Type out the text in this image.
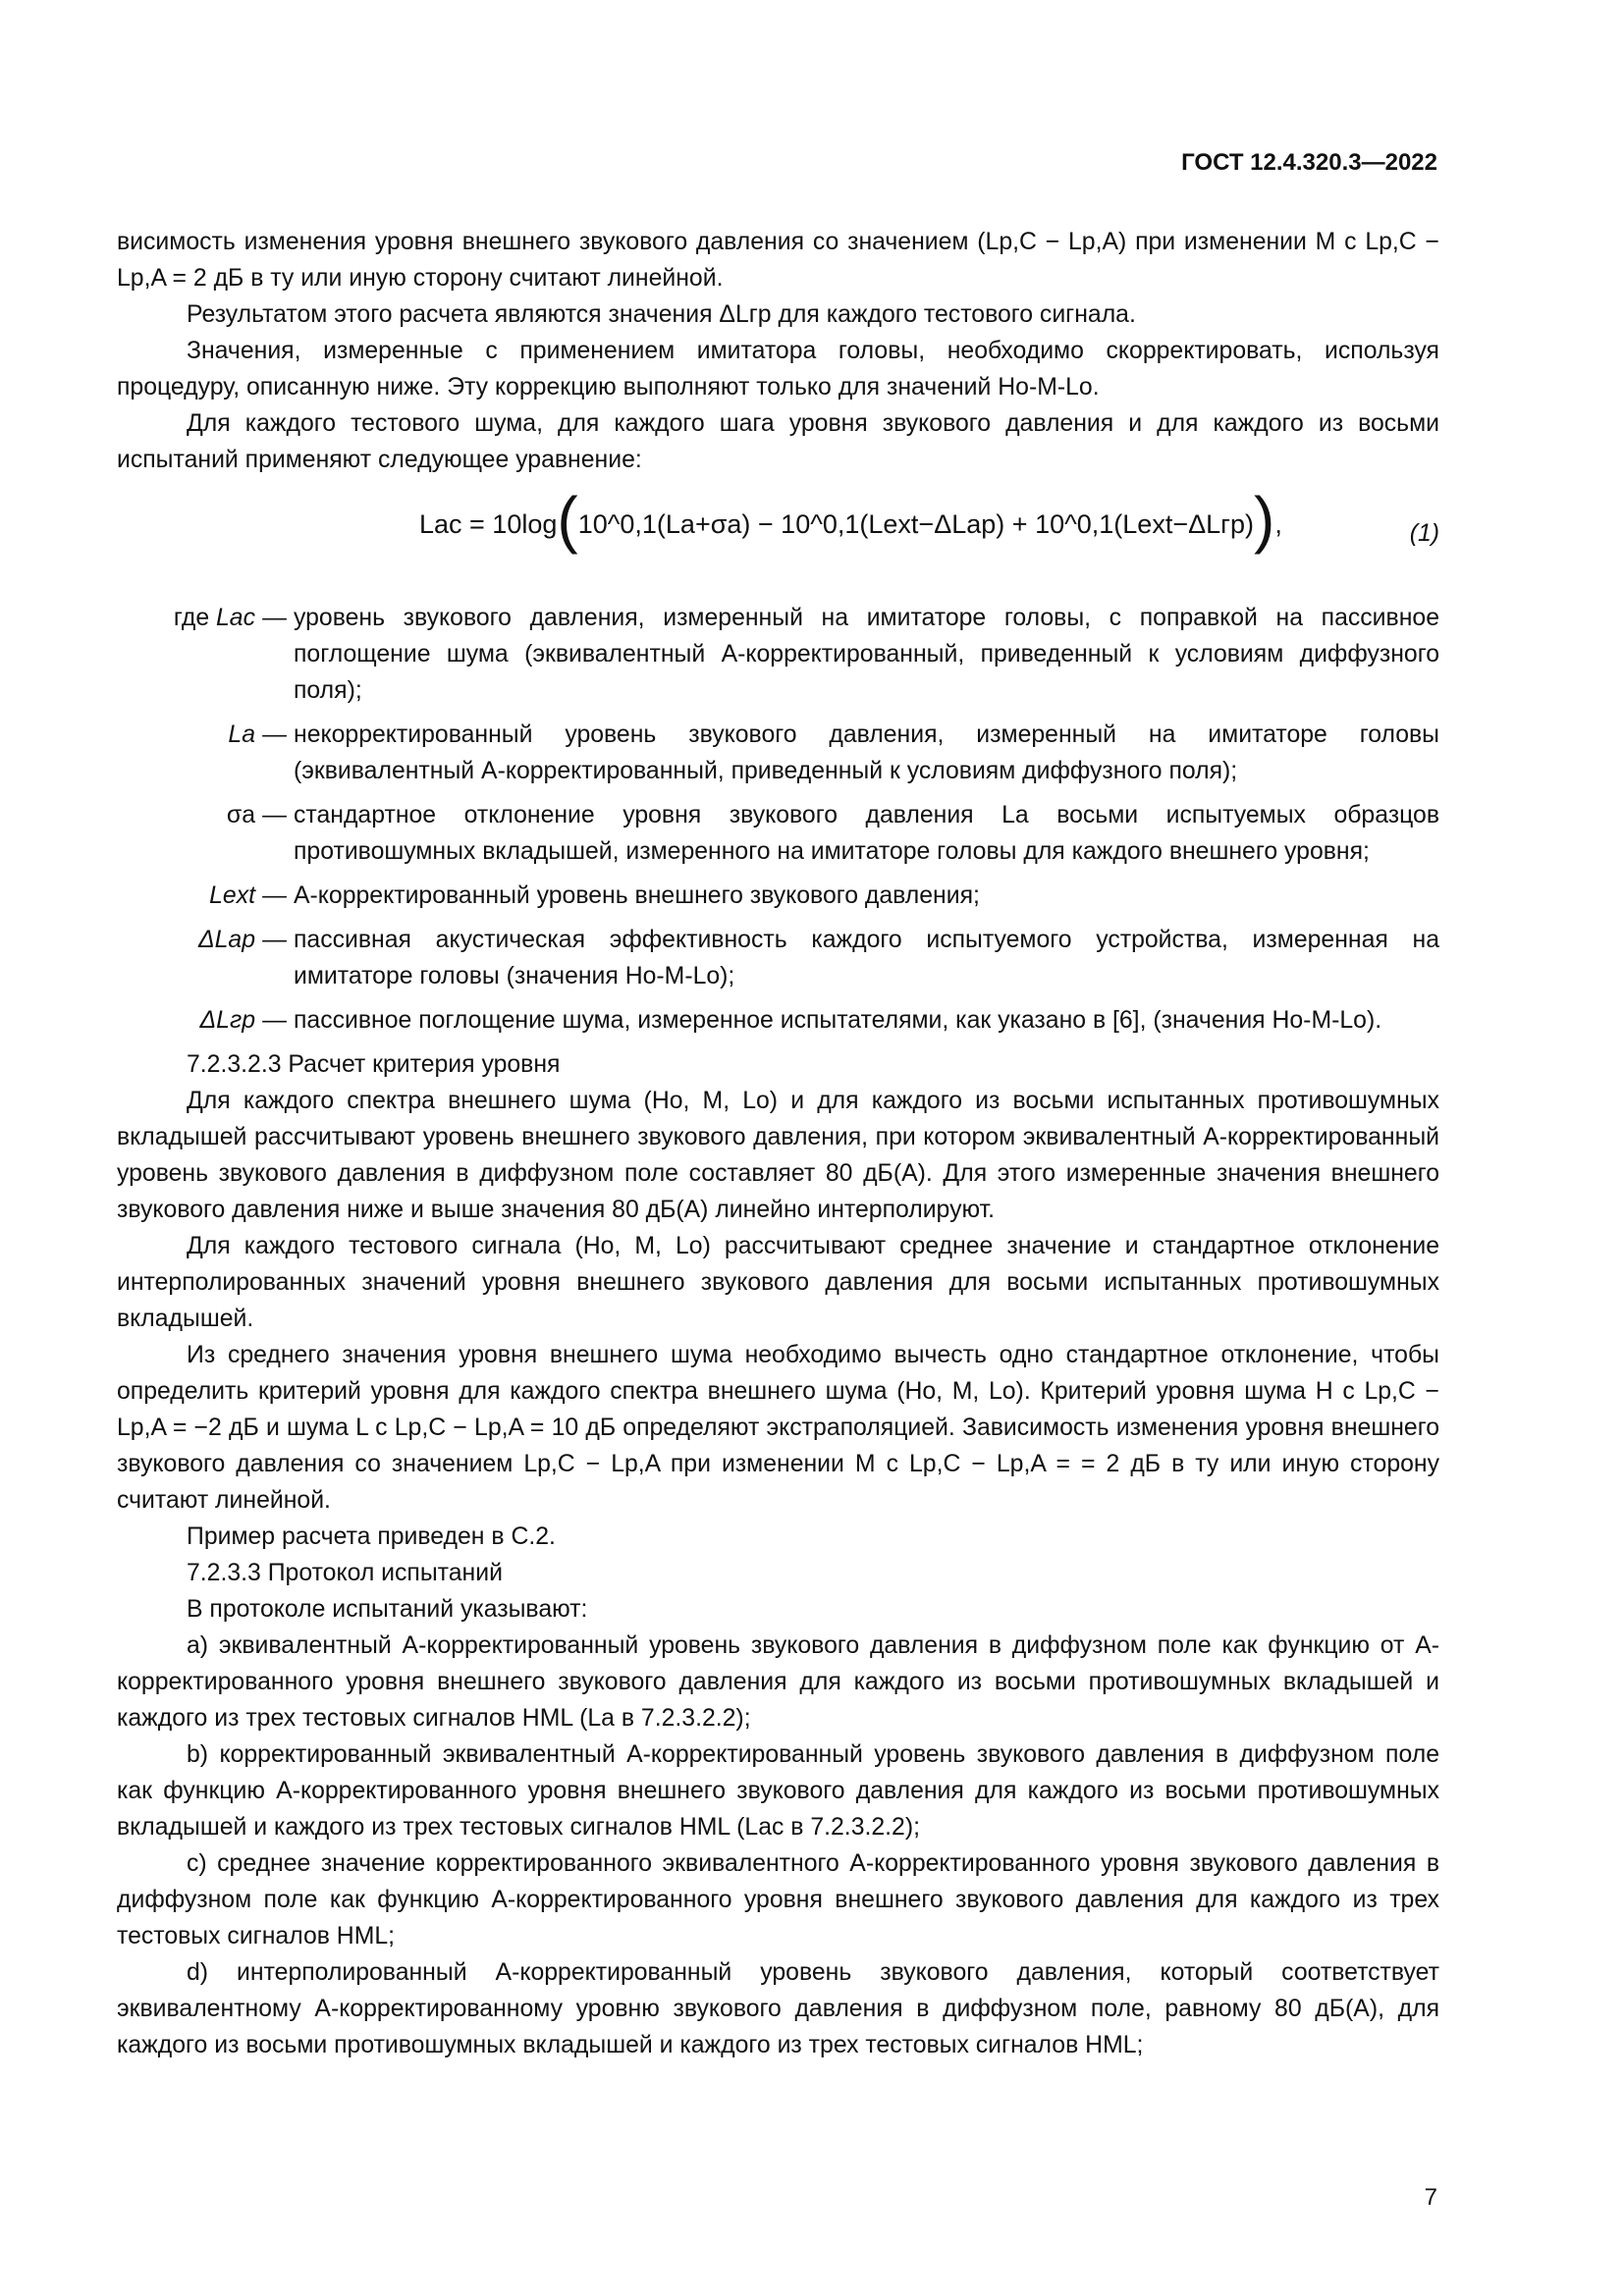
ГОСТ 12.4.320.3—2022

висимость изменения уровня внешнего звукового давления со значением (Lp,C − Lp,A) при изменении М с Lp,C − Lp,A = 2 дБ в ту или иную сторону считают линейной.

Результатом этого расчета являются значения ΔLгр для каждого тестового сигнала.

Значения, измеренные с применением имитатора головы, необходимо скорректировать, используя процедуру, описанную ниже. Эту коррекцию выполняют только для значений Hо-M-Lо.

Для каждого тестового шума, для каждого шага уровня звукового давления и для каждого из восьми испытаний применяют следующее уравнение:

Lac = 10log(10^0,1(La+σa) − 10^0,1(Lext−ΔLap) + 10^0,1(Lext−ΔLгр)),	(1)
где Lac — уровень звукового давления, измеренный на имитаторе головы, с поправкой на пассивное поглощение шума (эквивалентный А-корректированный, приведенный к условиям диффузного поля);
La — некорректированный уровень звукового давления, измеренный на имитаторе головы (эквивалентный А-корректированный, приведенный к условиям диффузного поля);
σa — стандартное отклонение уровня звукового давления La восьми испытуемых образцов противошумных вкладышей, измеренного на имитаторе головы для каждого внешнего уровня;
Lext — А-корректированный уровень внешнего звукового давления;
ΔLap — пассивная акустическая эффективность каждого испытуемого устройства, измеренная на имитаторе головы (значения Hо-M-Lо);
ΔLгр — пассивное поглощение шума, измеренное испытателями, как указано в [6], (значения Hо-M-Lо).

7.2.3.2.3 Расчет критерия уровня

Для каждого спектра внешнего шума (Hо, M, Lо) и для каждого из восьми испытанных противошумных вкладышей рассчитывают уровень внешнего звукового давления, при котором эквивалентный А-корректированный уровень звукового давления в диффузном поле составляет 80 дБ(А). Для этого измеренные значения внешнего звукового давления ниже и выше значения 80 дБ(А) линейно интерполируют.

Для каждого тестового сигнала (Hо, M, Lо) рассчитывают среднее значение и стандартное отклонение интерполированных значений уровня внешнего звукового давления для восьми испытанных противошумных вкладышей.

Из среднего значения уровня внешнего шума необходимо вычесть одно стандартное отклонение, чтобы определить критерий уровня для каждого спектра внешнего шума (Hо, M, Lо). Критерий уровня шума H с Lp,C − Lp,A = −2 дБ и шума L с Lp,C − Lp,A = 10 дБ определяют экстраполяцией. Зависимость изменения уровня внешнего звукового давления со значением Lp,C − Lp,A при изменении M с Lp,C − Lp,A = = 2 дБ в ту или иную сторону считают линейной.

Пример расчета приведен в С.2.

7.2.3.3 Протокол испытаний

В протоколе испытаний указывают:

a) эквивалентный А-корректированный уровень звукового давления в диффузном поле как функцию от А-корректированного уровня внешнего звукового давления для каждого из восьми противошумных вкладышей и каждого из трех тестовых сигналов HML (La в 7.2.3.2.2);

b) корректированный эквивалентный А-корректированный уровень звукового давления в диффузном поле как функцию А-корректированного уровня внешнего звукового давления для каждого из восьми противошумных вкладышей и каждого из трех тестовых сигналов HML (Lac в 7.2.3.2.2);

c) среднее значение корректированного эквивалентного А-корректированного уровня звукового давления в диффузном поле как функцию А-корректированного уровня внешнего звукового давления для каждого из трех тестовых сигналов HML;

d) интерполированный А-корректированный уровень звукового давления, который соответствует эквивалентному А-корректированному уровню звукового давления в диффузном поле, равному 80 дБ(А), для каждого из восьми противошумных вкладышей и каждого из трех тестовых сигналов HML;

7
